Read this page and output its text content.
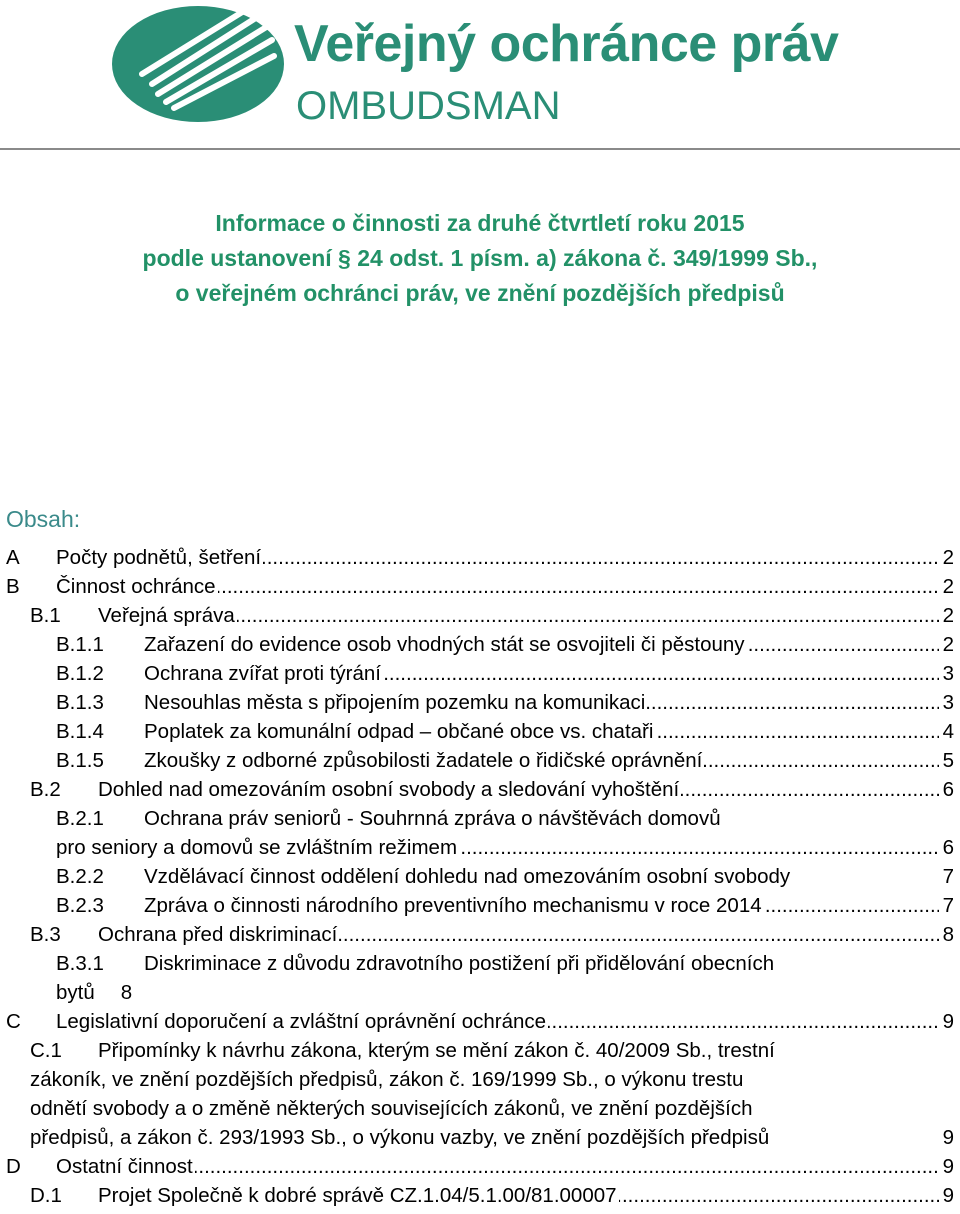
Veřejný ochránce práv
OMBUDSMAN
Informace o činnosti za druhé čtvrtletí roku 2015
podle ustanovení § 24 odst. 1 písm. a) zákona č. 349/1999 Sb.,
o veřejném ochránci práv, ve znění pozdějších předpisů
Obsah:
A Počty podnětů, šetření .....	2
B Činnost ochránce .....	2
B.1 Veřejná správa .....	2
B.1.1 Zařazení do evidence osob vhodných stát se osvojiteli či pěstouny .....	2
B.1.2 Ochrana zvířat proti týrání .....	3
B.1.3 Nesouhlas města s připojením pozemku na komunikaci .....	3
B.1.4 Poplatek za komunální odpad – občané obce vs. chataři .....	4
B.1.5 Zkoušky z odborné způsobilosti žadatele o řidičské oprávnění .....	5
B.2 Dohled nad omezováním osobní svobody a sledování vyhoštění .....	6
B.2.1 Ochrana práv seniorů - Souhrnná zpráva o návštěvách domovů
pro seniory a domovů se zvláštním režimem .....	6
B.2.2 Vzdělávací činnost oddělení dohledu nad omezováním osobní svobody	7
B.2.3 Zpráva o činnosti národního preventivního mechanismu v roce 2014 .....	7
B.3 Ochrana před diskriminací .....	8
B.3.1 Diskriminace z důvodu zdravotního postižení při přidělování obecních
bytů	8
C Legislativní doporučení a zvláštní oprávnění ochránce .....	9
C.1 Připomínky k návrhu zákona, kterým se mění zákon č. 40/2009 Sb., trestní
zákoník, ve znění pozdějších předpisů, zákon č. 169/1999 Sb., o výkonu trestu
odnětí svobody a o změně některých souvisejících zákonů, ve znění pozdějších
předpisů, a zákon č. 293/1993 Sb., o výkonu vazby, ve znění pozdějších předpisů	9
D Ostatní činnost .....	9
D.1 Projet Společně k dobré správě CZ.1.04/5.1.00/81.00007 .....	9
